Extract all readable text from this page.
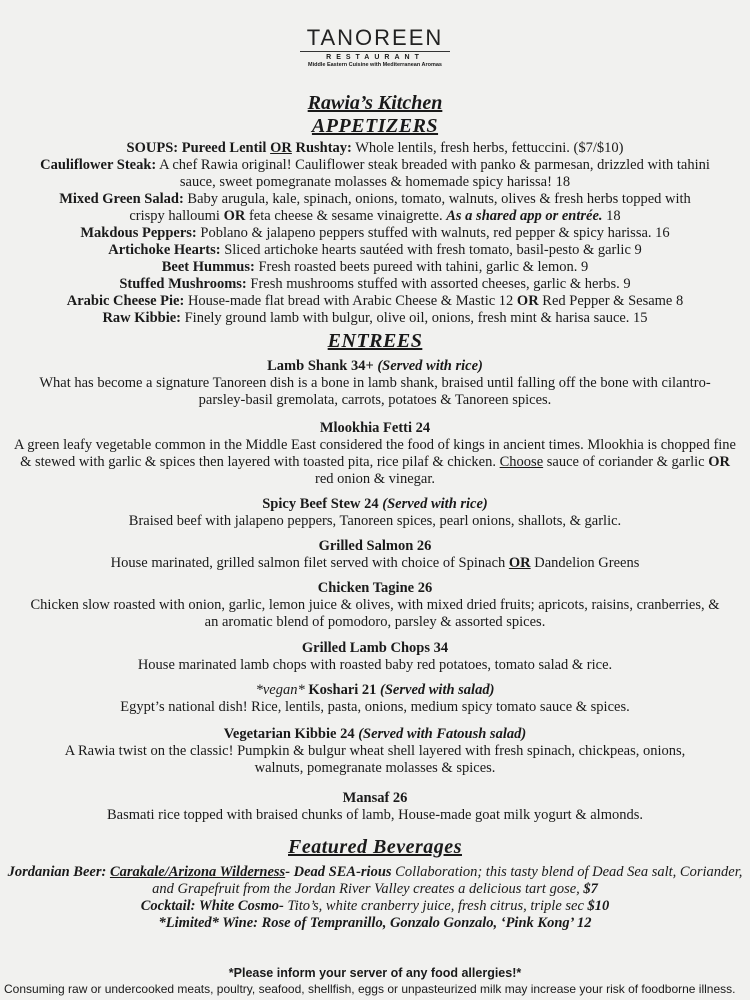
TANOREEN
RESTAURANT
Middle Eastern Cuisine with Mediterranean Aromas
Rawia’s Kitchen
APPETIZERS

SOUPS: Pureed Lentil OR Rushtay: Whole lentils, fresh herbs, fettuccini. ($7/$10)

Cauliflower Steak: A chef Rawia original! Cauliflower steak breaded with panko & parmesan, drizzled with tahini sauce, sweet pomegranate molasses & homemade spicy harissa! 18

Mixed Green Salad: Baby arugula, kale, spinach, onions, tomato, walnuts, olives & fresh herbs topped with crispy halloumi OR feta cheese & sesame vinaigrette. As a shared app or entrée. 18

Makdous Peppers: Poblano & jalapeno peppers stuffed with walnuts, red pepper & spicy harissa. 16

Artichoke Hearts: Sliced artichoke hearts sautéed with fresh tomato, basil-pesto & garlic 9

Beet Hummus: Fresh roasted beets pureed with tahini, garlic & lemon. 9

Stuffed Mushrooms: Fresh mushrooms stuffed with assorted cheeses, garlic & herbs. 9

Arabic Cheese Pie: House-made flat bread with Arabic Cheese & Mastic 12 OR Red Pepper & Sesame 8

Raw Kibbie: Finely ground lamb with bulgur, olive oil, onions, fresh mint & harisa sauce. 15

ENTREES

Lamb Shank 34+ (Served with rice)

What has become a signature Tanoreen dish is a bone in lamb shank, braised until falling off the bone with cilantro-parsley-basil gremolata, carrots, potatoes & Tanoreen spices.

Mlookhia Fetti 24

A green leafy vegetable common in the Middle East considered the food of kings in ancient times. Mlookhia is chopped fine & stewed with garlic & spices then layered with toasted pita, rice pilaf & chicken. Choose sauce of coriander & garlic OR red onion & vinegar.

Spicy Beef Stew 24 (Served with rice)

Braised beef with jalapeno peppers, Tanoreen spices, pearl onions, shallots, & garlic.

Grilled Salmon 26

House marinated, grilled salmon filet served with choice of Spinach OR Dandelion Greens

Chicken Tagine 26

Chicken slow roasted with onion, garlic, lemon juice & olives, with mixed dried fruits; apricots, raisins, cranberries, & an aromatic blend of pomodoro, parsley & assorted spices.

Grilled Lamb Chops 34

House marinated lamb chops with roasted baby red potatoes, tomato salad & rice.

*vegan* Koshari 21 (Served with salad)

Egypt’s national dish! Rice, lentils, pasta, onions, medium spicy tomato sauce & spices.

Vegetarian Kibbie 24 (Served with Fatoush salad)

A Rawia twist on the classic! Pumpkin & bulgur wheat shell layered with fresh spinach, chickpeas, onions, walnuts, pomegranate molasses & spices.

Mansaf 26

Basmati rice topped with braised chunks of lamb, House-made goat milk yogurt & almonds.

Featured Beverages

Jordanian Beer: Carakale/Arizona Wilderness- Dead SEA-rious Collaboration; this tasty blend of Dead Sea salt, Coriander, and Grapefruit from the Jordan River Valley creates a delicious tart gose, $7

Cocktail: White Cosmo- Tito’s, white cranberry juice, fresh citrus, triple sec $10

*Limited* Wine: Rose of Tempranillo, Gonzalo Gonzalo, ‘Pink Kong’ 12

*Please inform your server of any food allergies!*
Consuming raw or undercooked meats, poultry, seafood, shellfish, eggs or unpasteurized milk may increase your risk of foodborne illness.
